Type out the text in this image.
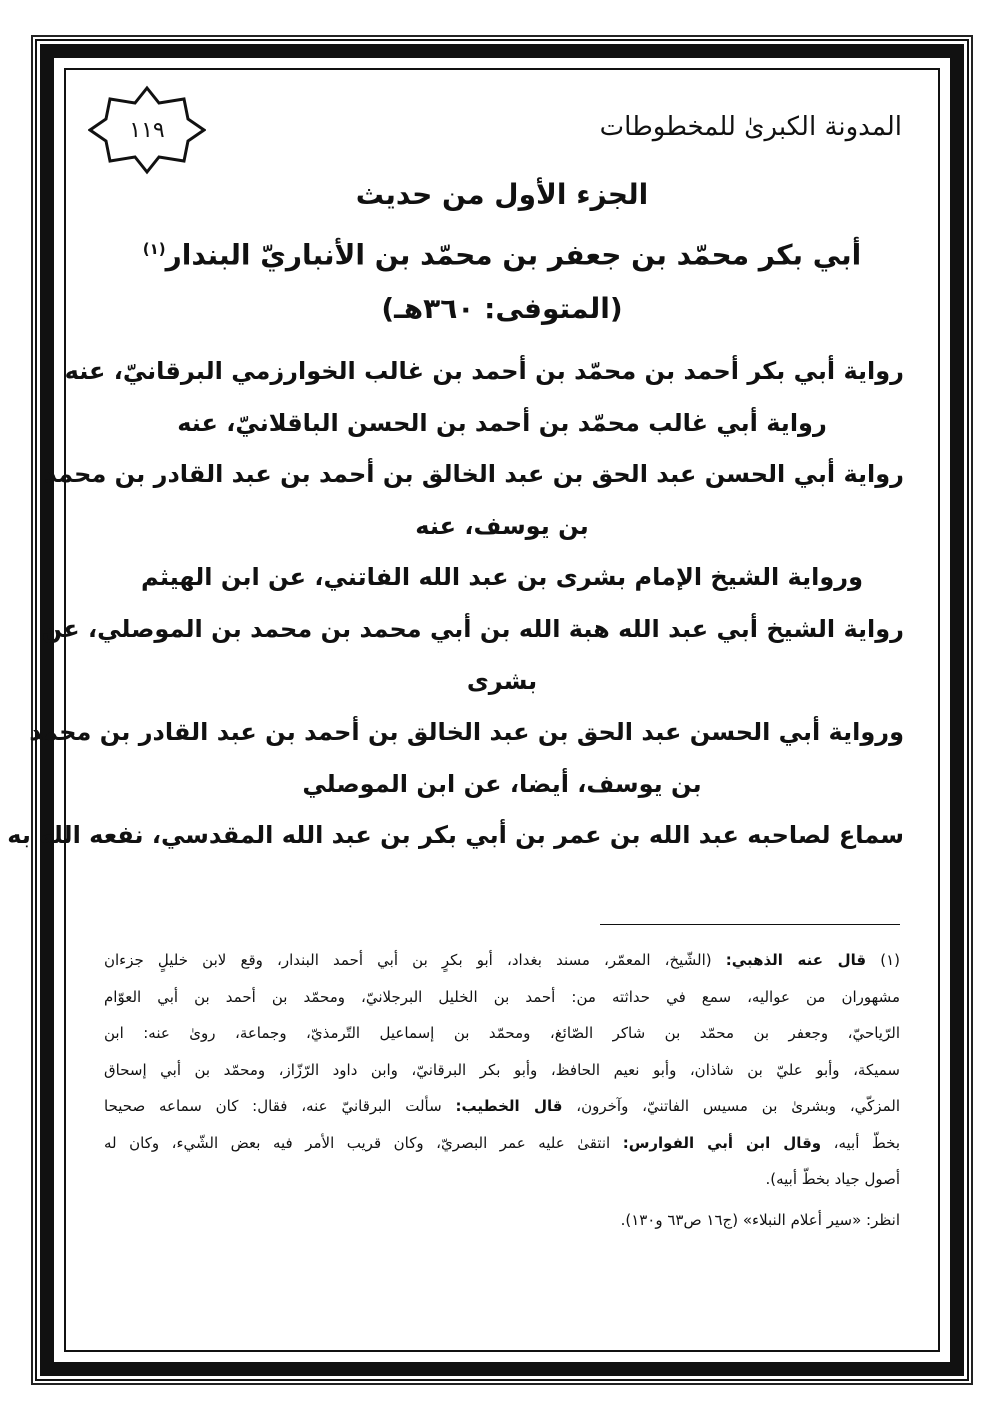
المدونة الكبرىٰ للمخطوطات
١١٩
الجزء الأول من حديث
أبي بكر محمّد بن جعفر بن محمّد بن الأنباريّ البندار$^{(١)}$
(المتوفى: ٣٦٠هـ)
رواية أبي بكر أحمد بن محمّد بن أحمد بن غالب الخوارزمي البرقانيّ، عنه
رواية أبي غالب محمّد بن أحمد بن الحسن الباقلانيّ، عنه
رواية أبي الحسن عبد الحق بن عبد الخالق بن أحمد بن عبد القادر بن محمد
بن يوسف، عنه
ورواية الشيخ الإمام بشرى بن عبد الله الفاتني، عن ابن الهيثم
رواية الشيخ أبي عبد الله هبة الله بن أبي محمد بن محمد بن الموصلي، عن
بشرى
ورواية أبي الحسن عبد الحق بن عبد الخالق بن أحمد بن عبد القادر بن محمد
بن يوسف، أيضا، عن ابن الموصلي
سماع لصاحبه عبد الله بن عمر بن أبي بكر بن عبد الله المقدسي، نفعه الله به
(١) قال عنه الذهبي: (الشّيخ، المعمّر، مسند بغداد، أبو بكرٍ بن أبي أحمد البندار، وقع لابن خليلٍ جزءان
مشهوران من عواليه، سمع في حداثته من: أحمد بن الخليل البرجلانيّ، ومحمّد بن أحمد بن أبي العوّام
الرّياحيّ، وجعفر بن محمّد بن شاكر الصّائغ، ومحمّد بن إسماعيل التّرمذيّ، وجماعة، روىٰ عنه: ابن
سميكة، وأبو عليّ بن شاذان، وأبو نعيم الحافظ، وأبو بكر البرقانيّ، وابن داود الرّزّاز، ومحمّد بن أبي إسحاق
المزكّي، وبشرىٰ بن مسيس الفاتنيّ، وآخرون، قال الخطيب: سألت البرقانيّ عنه، فقال: كان سماعه صحيحا
بخطّ أبيه، وقال ابن أبي الفوارس: انتقىٰ عليه عمر البصريّ، وكان قريب الأمر فيه بعض الشّيء، وكان له
أصول جياد بخطّ أبيه).
انظر: «سير أعلام النبلاء» (ج١٦ ص٦٣ و١٣٠).
